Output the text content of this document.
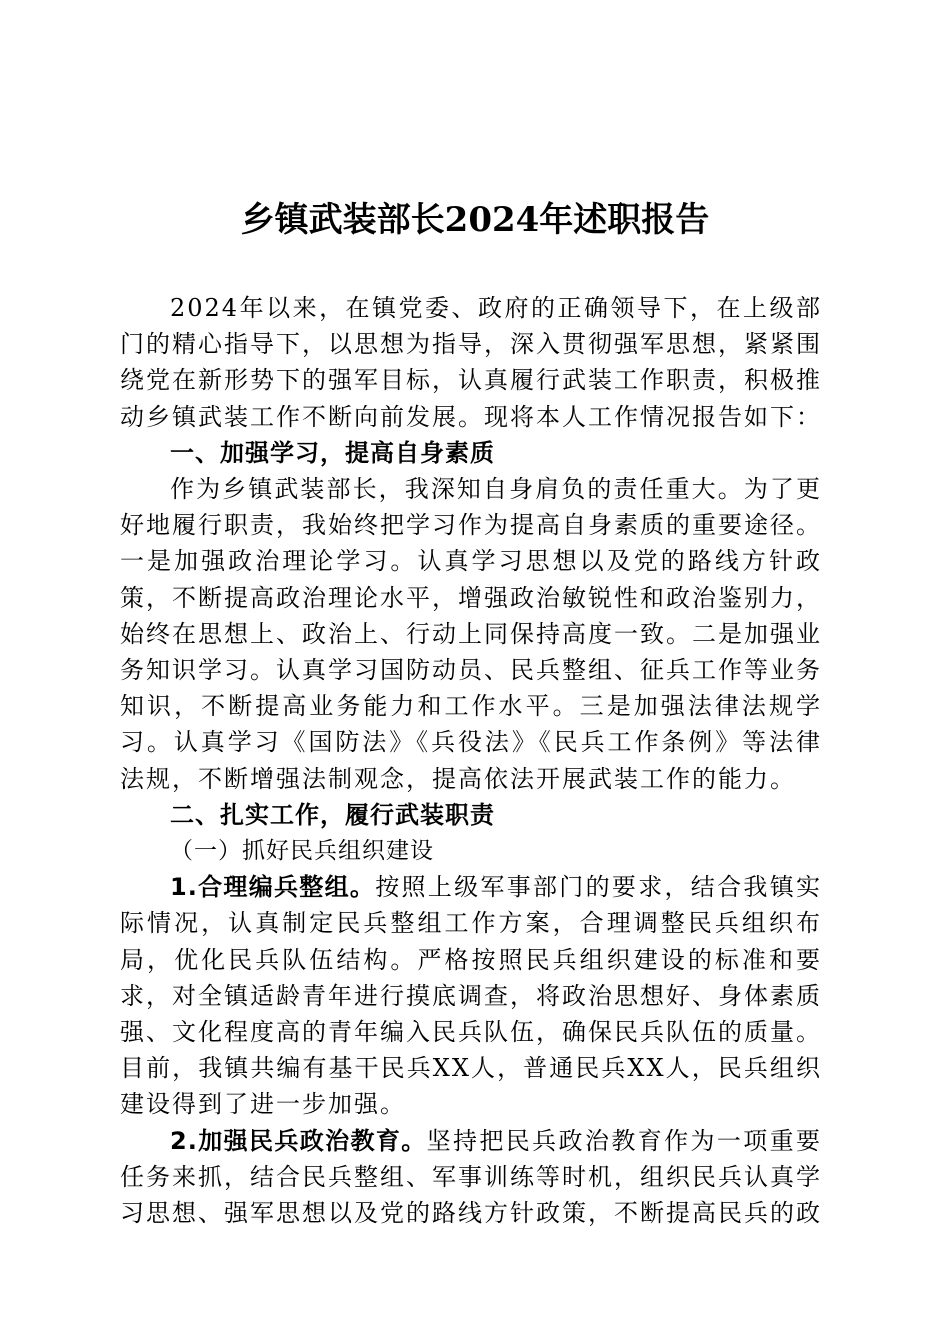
乡镇武装部长2024年述职报告

2024年以来，在镇党委、政府的正确领导下，在上级部门的精心指导下，以思想为指导，深入贯彻强军思想，紧紧围绕党在新形势下的强军目标，认真履行武装工作职责，积极推动乡镇武装工作不断向前发展。现将本人工作情况报告如下：

一、加强学习，提高自身素质

作为乡镇武装部长，我深知自身肩负的责任重大。为了更好地履行职责，我始终把学习作为提高自身素质的重要途径。一是加强政治理论学习。认真学习思想以及党的路线方针政策，不断提高政治理论水平，增强政治敏锐性和政治鉴别力，始终在思想上、政治上、行动上同保持高度一致。二是加强业务知识学习。认真学习国防动员、民兵整组、征兵工作等业务知识，不断提高业务能力和工作水平。三是加强法律法规学习。认真学习《国防法》《兵役法》《民兵工作条例》等法律法规，不断增强法制观念，提高依法开展武装工作的能力。

二、扎实工作，履行武装职责
（一）抓好民兵组织建设

1.合理编兵整组。按照上级军事部门的要求，结合我镇实际情况，认真制定民兵整组工作方案，合理调整民兵组织布局，优化民兵队伍结构。严格按照民兵组织建设的标准和要求，对全镇适龄青年进行摸底调查，将政治思想好、身体素质强、文化程度高的青年编入民兵队伍，确保民兵队伍的质量。目前，我镇共编有基干民兵XX人，普通民兵XX人，民兵组织建设得到了进一步加强。

2.加强民兵政治教育。坚持把民兵政治教育作为一项重要任务来抓，结合民兵整组、军事训练等时机，组织民兵认真学习思想、强军思想以及党的路线方针政策，不断提高民兵的政
